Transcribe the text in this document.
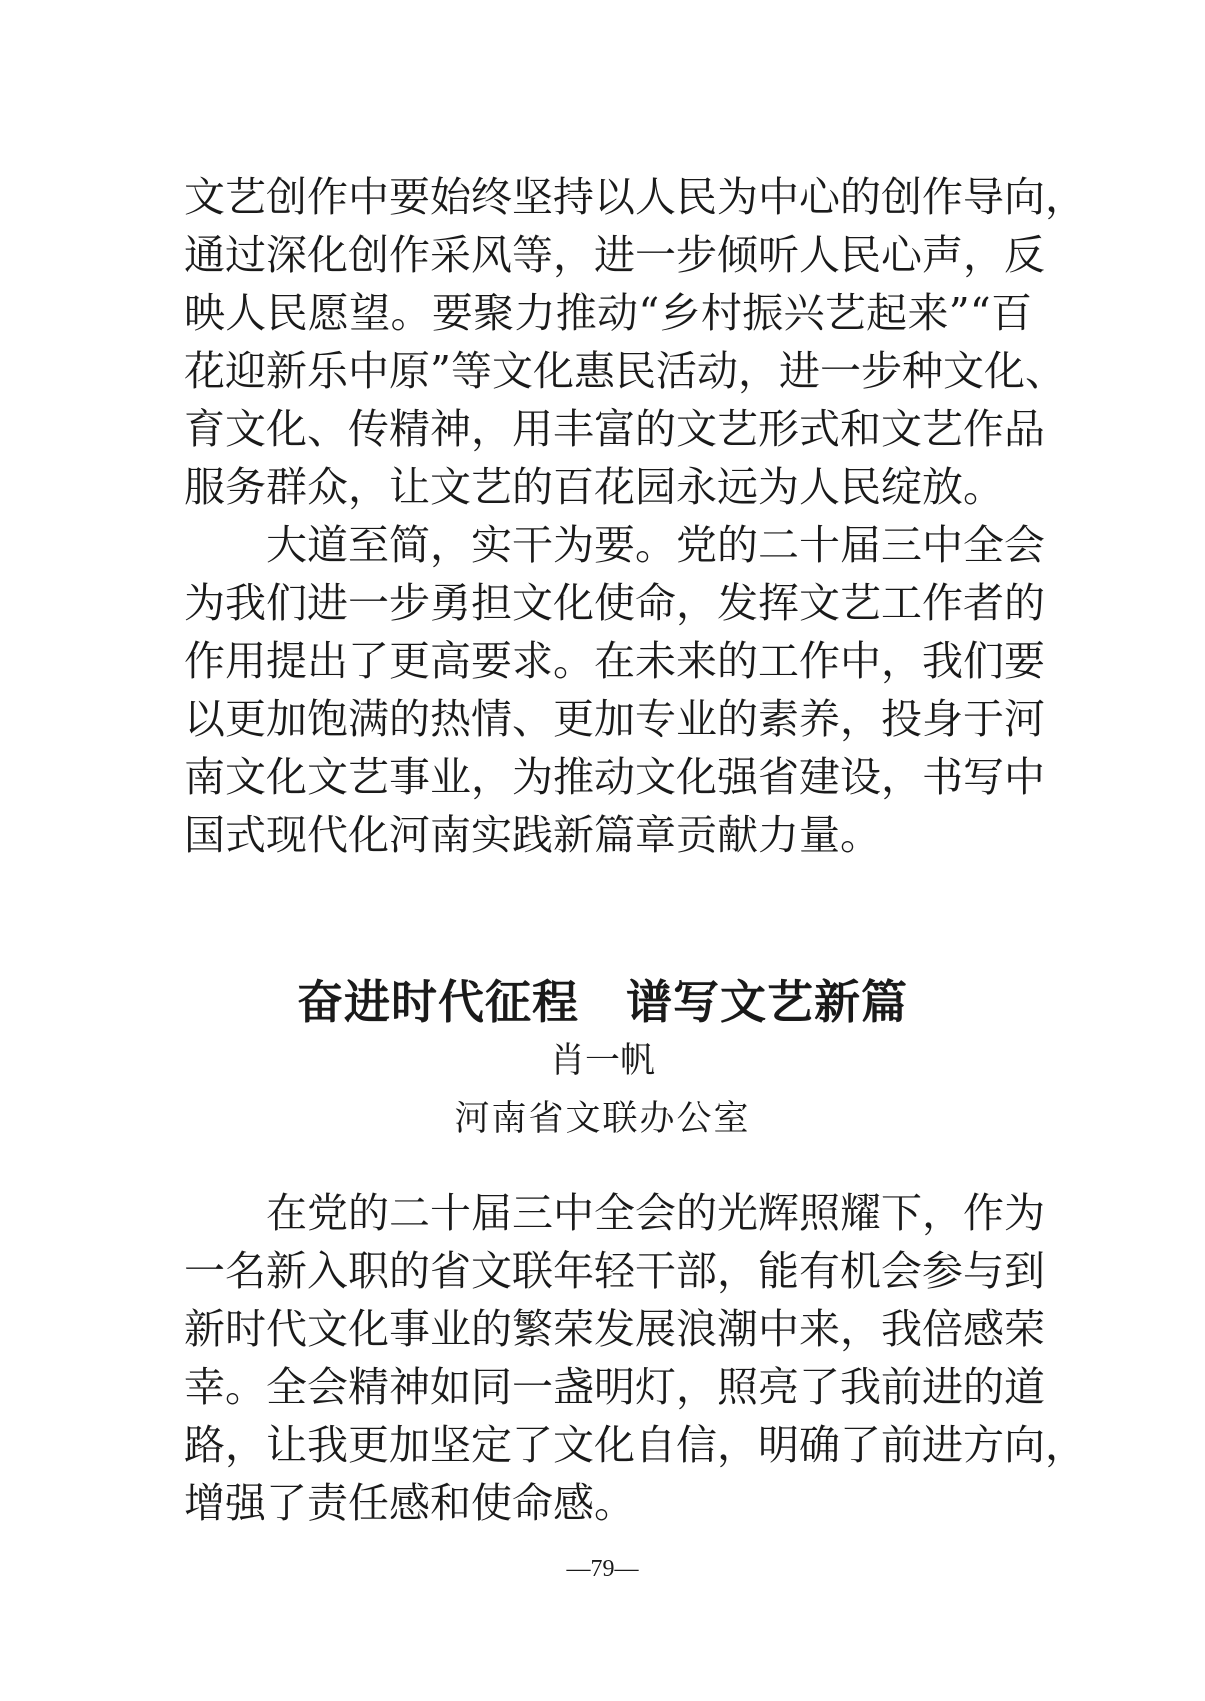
文艺创作中要始终坚持以人民为中心的创作导向，
通过深化创作采风等，进一步倾听人民心声，反
映人民愿望。要聚力推动“乡村振兴艺起来”“百
花迎新乐中原”等文化惠民活动，进一步种文化、
育文化、传精神，用丰富的文艺形式和文艺作品
服务群众，让文艺的百花园永远为人民绽放。
大道至简，实干为要。党的二十届三中全会
为我们进一步勇担文化使命，发挥文艺工作者的
作用提出了更高要求。在未来的工作中，我们要
以更加饱满的热情、更加专业的素养，投身于河
南文化文艺事业，为推动文化强省建设，书写中
国式现代化河南实践新篇章贡献力量。
奋进时代征程　谱写文艺新篇
肖一帆
河南省文联办公室
在党的二十届三中全会的光辉照耀下，作为
一名新入职的省文联年轻干部，能有机会参与到
新时代文化事业的繁荣发展浪潮中来，我倍感荣
幸。全会精神如同一盏明灯，照亮了我前进的道
路，让我更加坚定了文化自信，明确了前进方向，
增强了责任感和使命感。
—79—
